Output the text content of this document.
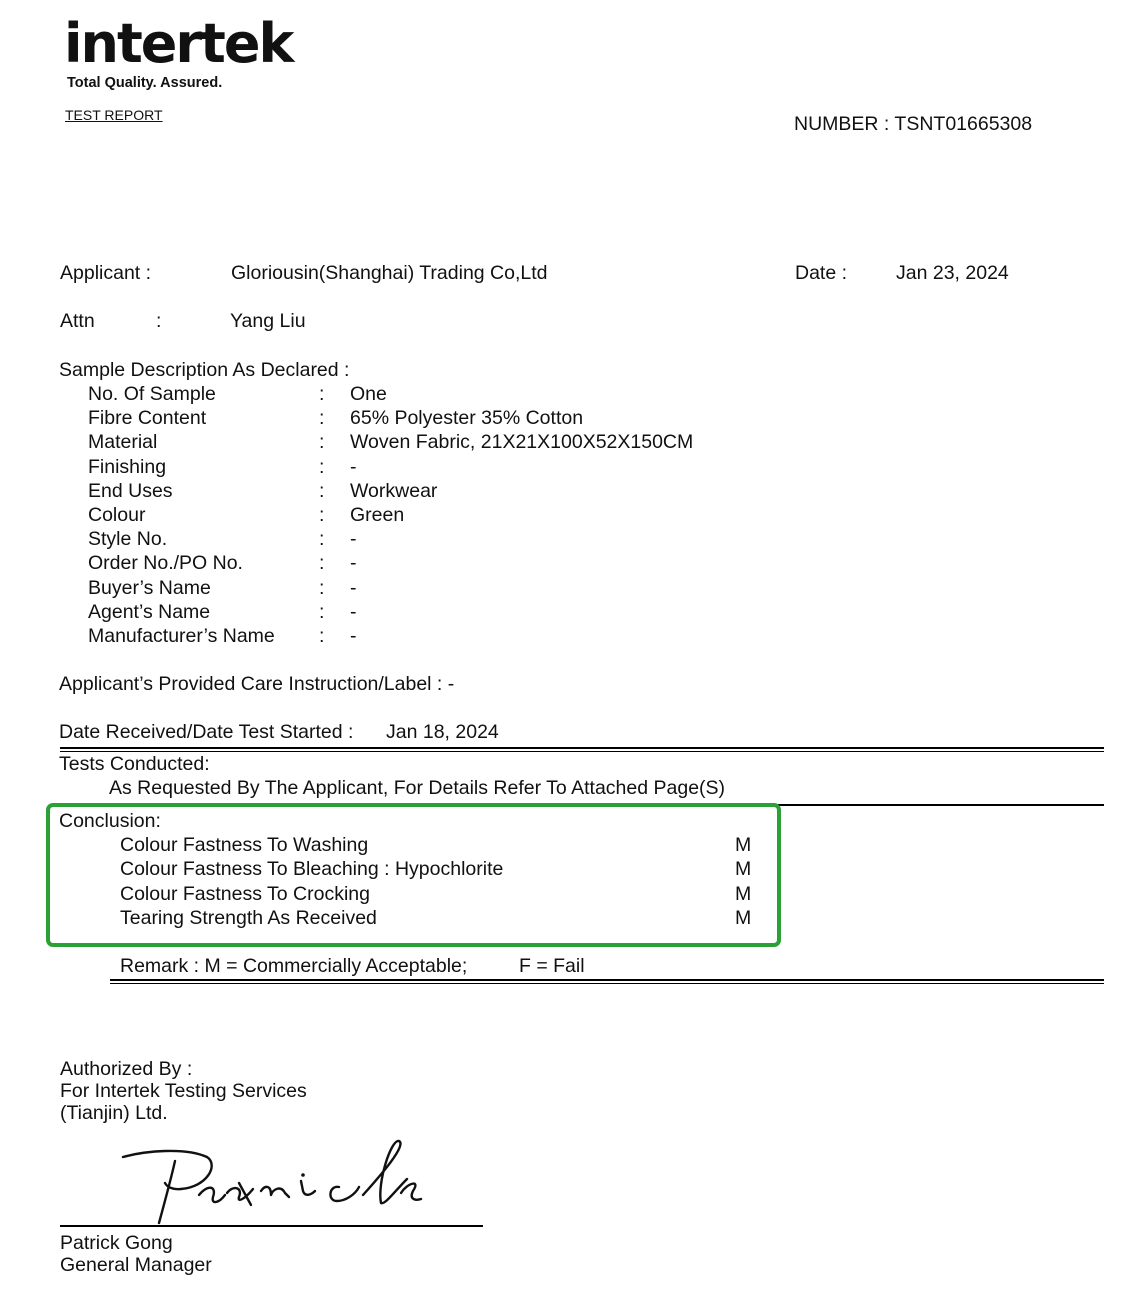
intertek
Total Quality. Assured.
TEST REPORT	NUMBER : TSNT01665308
Applicant :	Gloriousin(Shanghai) Trading Co,Ltd	Date :	Jan 23, 2024
Attn	:	Yang Liu
Sample Description As Declared :
No. Of Sample	: One
Fibre Content	: 65% Polyester 35% Cotton
Material	: Woven Fabric, 21X21X100X52X150CM
Finishing	: -
End Uses	: Workwear
Colour	: Green
Style No.	: -
Order No./PO No.	: -
Buyer’s Name	: -
Agent’s Name	: -
Manufacturer’s Name : -
Applicant’s Provided Care Instruction/Label : -
Date Received/Date Test Started : Jan 18, 2024
Tests Conducted:
As Requested By The Applicant, For Details Refer To Attached Page(S)
Conclusion:
Colour Fastness To Washing	M
Colour Fastness To Bleaching : Hypochlorite	M
Colour Fastness To Crocking	M
Tearing Strength As Received	M
Remark : M = Commercially Acceptable;	F = Fail
Authorized By :
For Intertek Testing Services
(Tianjin) Ltd.
Patrick Gong
General Manager
